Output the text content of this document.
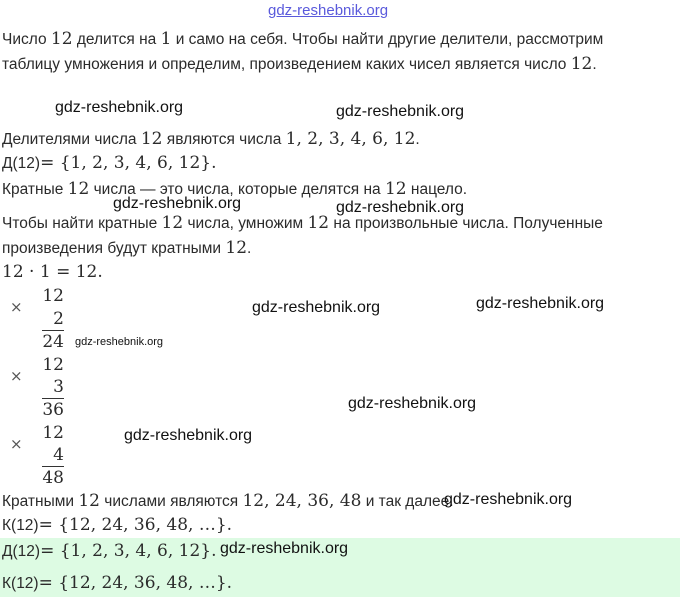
gdz-reshebnik.org
Число 12 делится на 1 и само на себя. Чтобы найти другие делители, рассмотрим
таблицу умножения и определим, произведением каких чисел является число 12.
gdz-reshebnik.org	gdz-reshebnik.org
Делителями числа 12 являются числа 1, 2, 3, 4, 6, 12.
Д(12)= {1, 2, 3, 4, 6, 12}.
Кратные 12 числа — это числа, которые делятся на 12 нацело.
gdz-reshebnik.org	gdz-reshebnik.org
Чтобы найти кратные 12 числа, умножим 12 на произвольные числа. Полученные
произведения будут кратными 12.
12 · 1 = 12.
×
12
2
24 gdz-reshebnik.org
gdz-reshebnik.org	gdz-reshebnik.org
×
12
3
36	gdz-reshebnik.org
×
12
4
48
gdz-reshebnik.org
Кратными 12 числами являются 12, 24, 36, 48 и так далее.
gdz-reshebnik.org
К(12)= {12, 24, 36, 48, …}.
Д(12)= {1, 2, 3, 4, 6, 12}. gdz-reshebnik.org
К(12)= {12, 24, 36, 48, …}.
